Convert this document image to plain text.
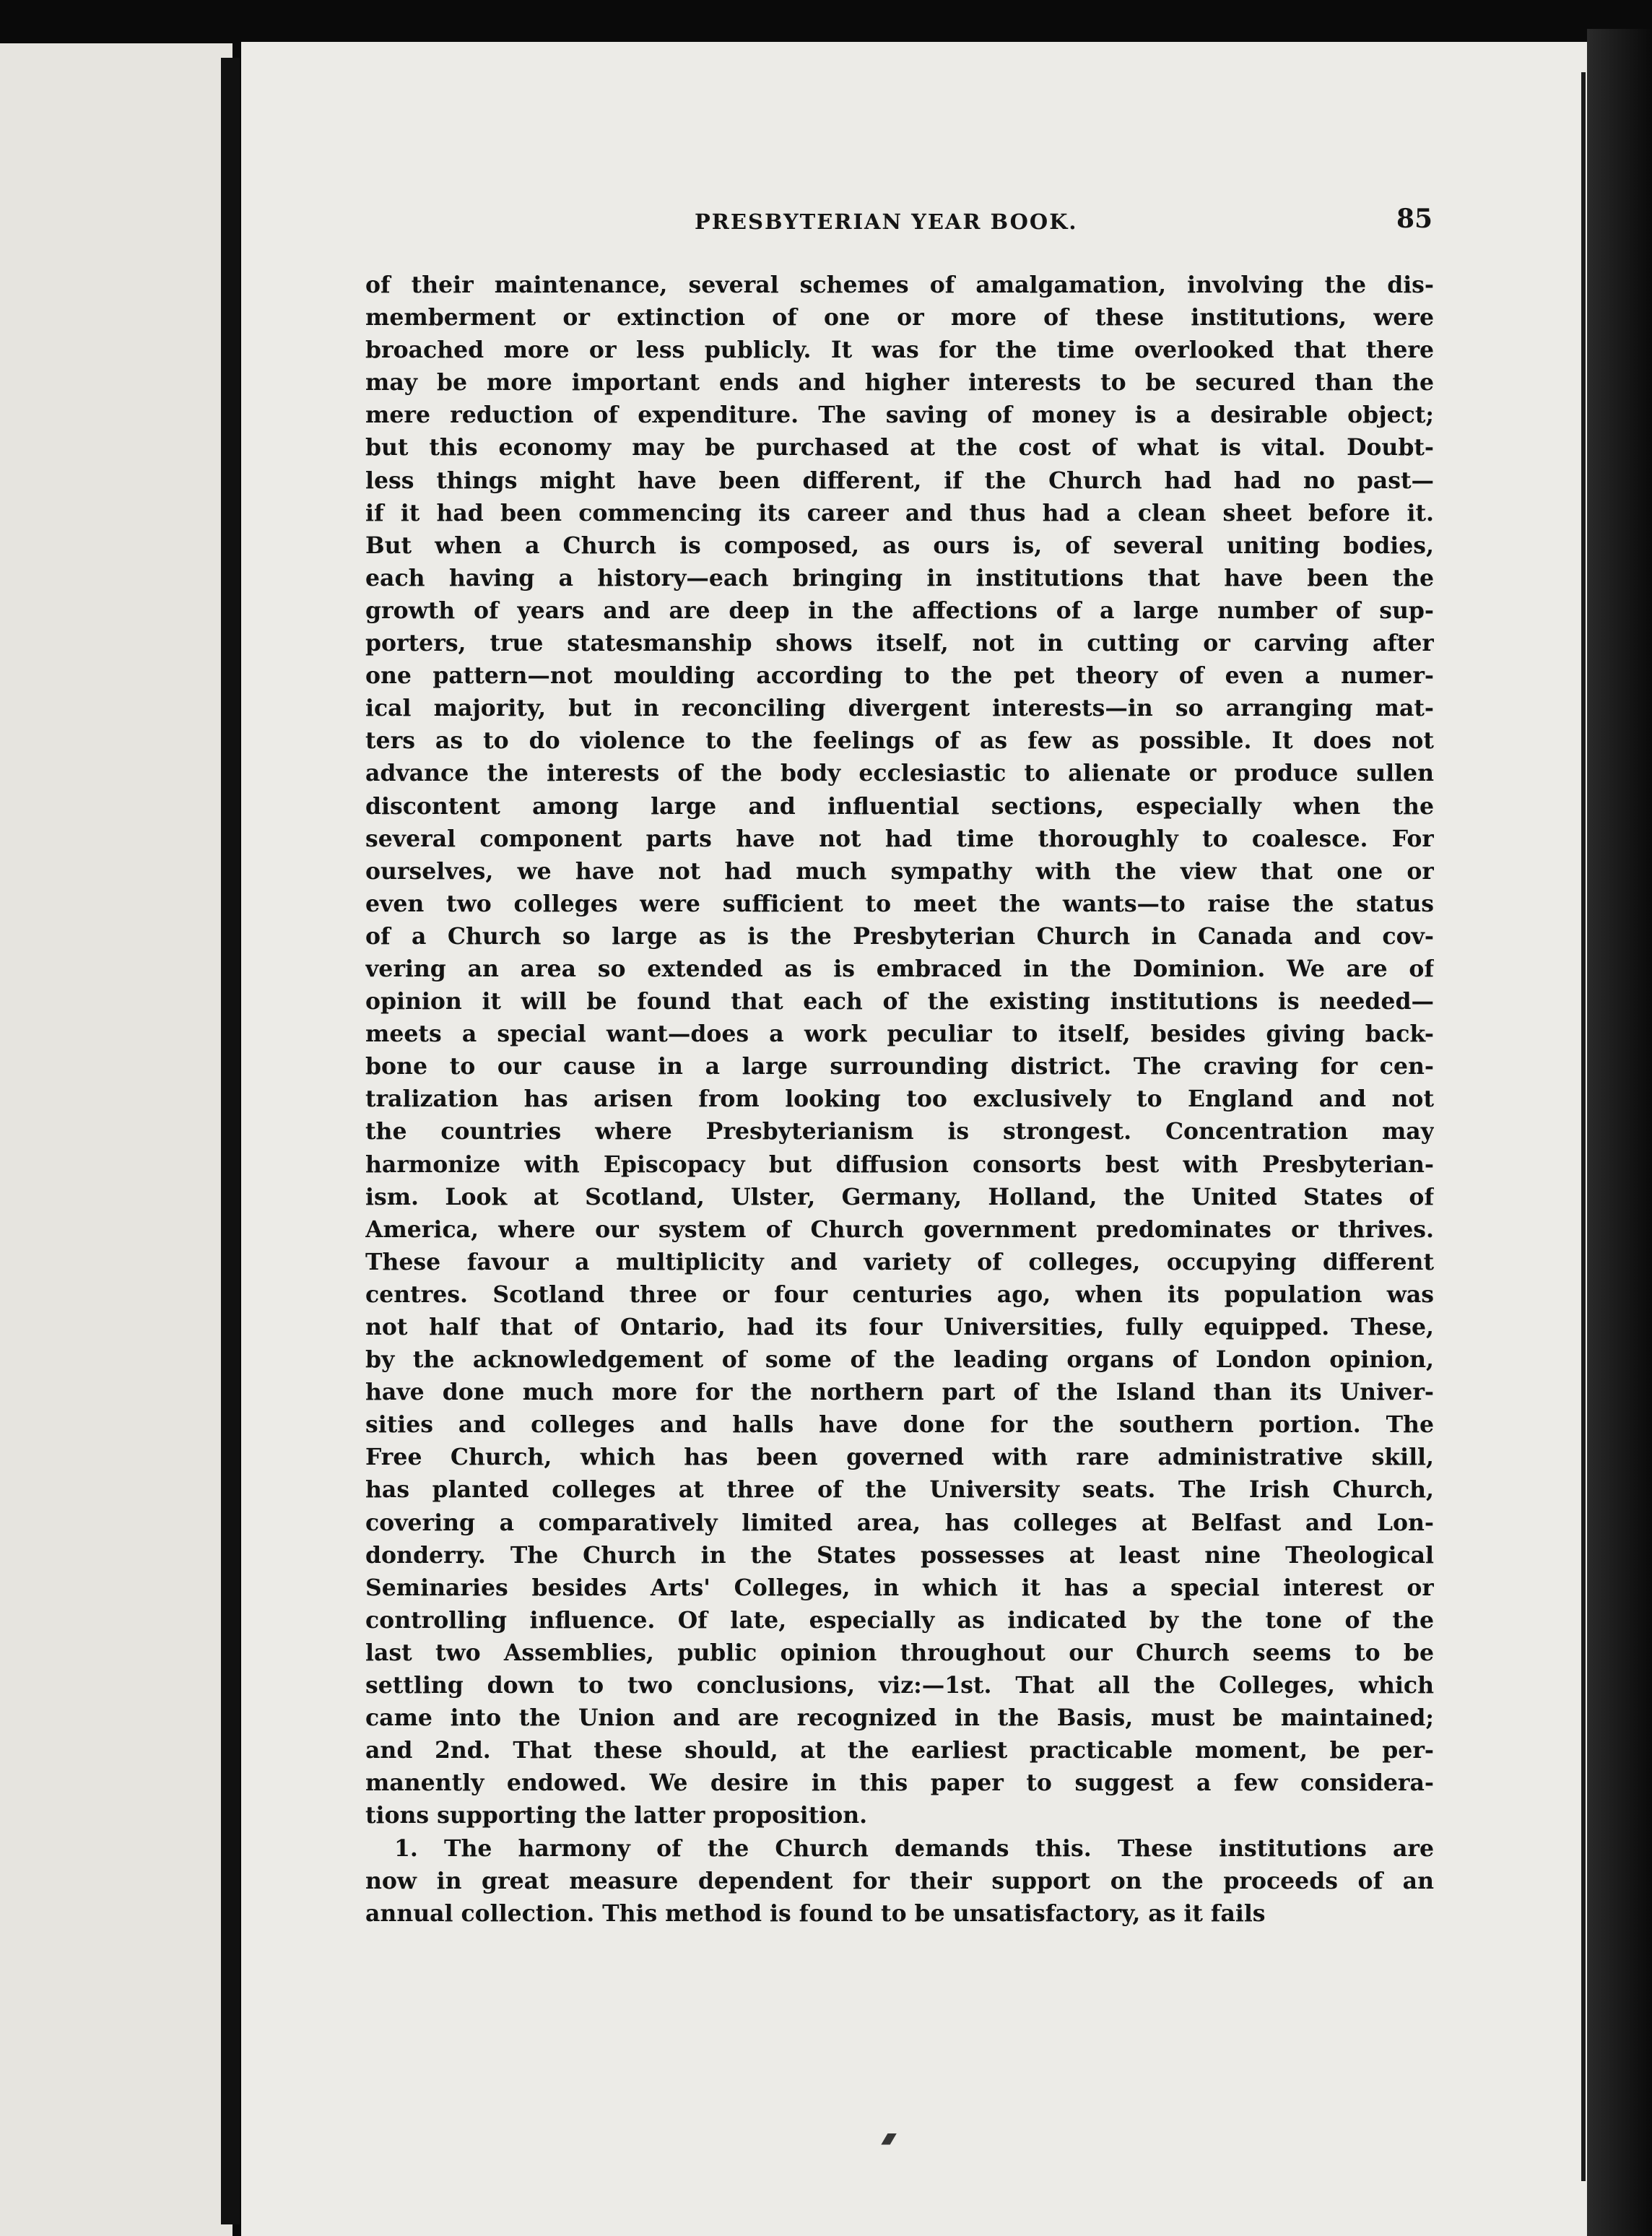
PRESBYTERIAN YEAR BOOK.	85
of their maintenance, several schemes of amalgamation, involving the dis-
memberment or extinction of one or more of these institutions, were
broached more or less publicly. It was for the time overlooked that there
may be more important ends and higher interests to be secured than the
mere reduction of expenditure. The saving of money is a desirable object;
but this economy may be purchased at the cost of what is vital. Doubt-
less things might have been different, if the Church had had no past—
if it had been commencing its career and thus had a clean sheet before it.
But when a Church is composed, as ours is, of several uniting bodies,
each having a history—each bringing in institutions that have been the
growth of years and are deep in the affections of a large number of sup-
porters, true statesmanship shows itself, not in cutting or carving after
one pattern—not moulding according to the pet theory of even a numer-
ical majority, but in reconciling divergent interests—in so arranging mat-
ters as to do violence to the feelings of as few as possible. It does not
advance the interests of the body ecclesiastic to alienate or produce sullen
discontent among large and influential sections, especially when the
several component parts have not had time thoroughly to coalesce. For
ourselves, we have not had much sympathy with the view that one or
even two colleges were sufficient to meet the wants—to raise the status
of a Church so large as is the Presbyterian Church in Canada and cov-
vering an area so extended as is embraced in the Dominion. We are of
opinion it will be found that each of the existing institutions is needed—
meets a special want—does a work peculiar to itself, besides giving back-
bone to our cause in a large surrounding district. The craving for cen-
tralization has arisen from looking too exclusively to England and not
the countries where Presbyterianism is strongest. Concentration may
harmonize with Episcopacy but diffusion consorts best with Presbyterian-
ism. Look at Scotland, Ulster, Germany, Holland, the United States of
America, where our system of Church government predominates or thrives.
These favour a multiplicity and variety of colleges, occupying different
centres. Scotland three or four centuries ago, when its population was
not half that of Ontario, had its four Universities, fully equipped. These,
by the acknowledgement of some of the leading organs of London opinion,
have done much more for the northern part of the Island than its Univer-
sities and colleges and halls have done for the southern portion. The
Free Church, which has been governed with rare administrative skill,
has planted colleges at three of the University seats. The Irish Church,
covering a comparatively limited area, has colleges at Belfast and Lon-
donderry. The Church in the States possesses at least nine Theological
Seminaries besides Arts' Colleges, in which it has a special interest or
controlling influence. Of late, especially as indicated by the tone of the
last two Assemblies, public opinion throughout our Church seems to be
settling down to two conclusions, viz:—1st. That all the Colleges, which
came into the Union and are recognized in the Basis, must be maintained;
and 2nd. That these should, at the earliest practicable moment, be per-
manently endowed. We desire in this paper to suggest a few considera-
tions supporting the latter proposition.
1. The harmony of the Church demands this. These institutions are
now in great measure dependent for their support on the proceeds of an
annual collection. This method is found to be unsatisfactory, as it fails
⁄⁄⁄⁄⁄⁄⁄⁄⁄
